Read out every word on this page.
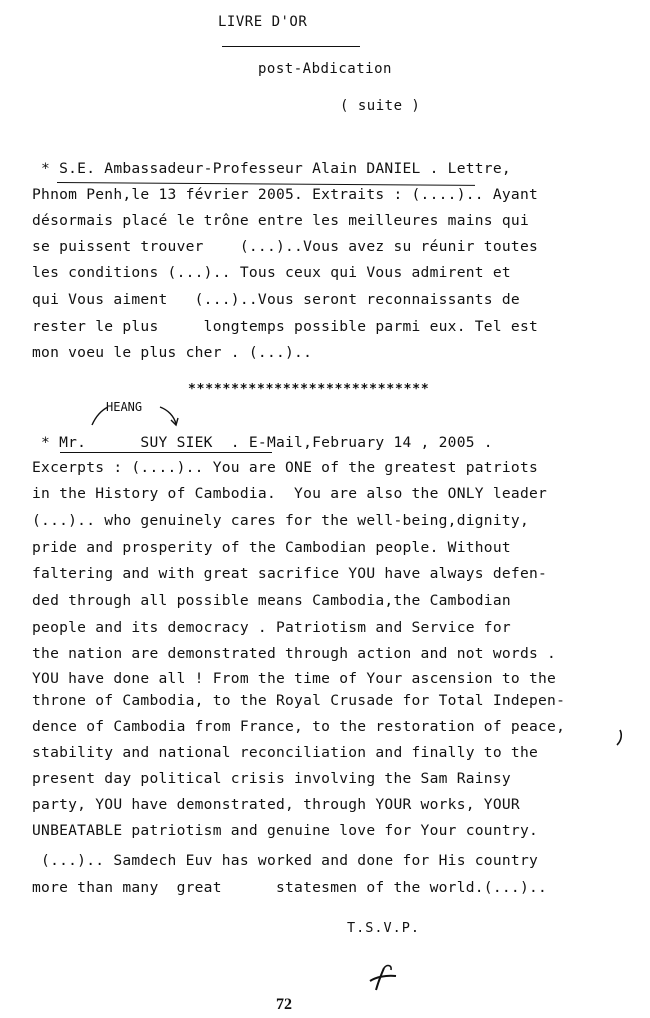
LIVRE D'OR
post-Abdication
( suite )
* S.E. Ambassadeur-Professeur Alain DANIEL . Lettre,
Phnom Penh,le 13 février 2005. Extraits : (....).. Ayant
désormais placé le trône entre les meilleures mains qui
se puissent trouver    (...)..Vous avez su réunir toutes
les conditions (...).. Tous ceux qui Vous admirent et
qui Vous aiment   (...)..Vous seront reconnaissants de
rester le plus     longtemps possible parmi eux. Tel est
mon voeu le plus cher . (...)..
****************************
HEANG
* Mr.      SUY SIEK  . E-Mail,February 14 , 2005 .
Excerpts : (....).. You are ONE of the greatest patriots
in the History of Cambodia.  You are also the ONLY leader
(...).. who genuinely cares for the well-being,dignity,
pride and prosperity of the Cambodian people. Without
faltering and with great sacrifice YOU have always defen-
ded through all possible means Cambodia,the Cambodian
people and its democracy . Patriotism and Service for
the nation are demonstrated through action and not words .
YOU have done all ! From the time of Your ascension to the
throne of Cambodia, to the Royal Crusade for Total Indepen-
dence of Cambodia from France, to the restoration of peace,
stability and national reconciliation and finally to the
present day political crisis involving the Sam Rainsy
party, YOU have demonstrated, through YOUR works, YOUR
UNBEATABLE patriotism and genuine love for Your country.
(...).. Samdech Euv has worked and done for His country
more than many  great      statesmen of the world.(...)..
T.S.V.P.
72
